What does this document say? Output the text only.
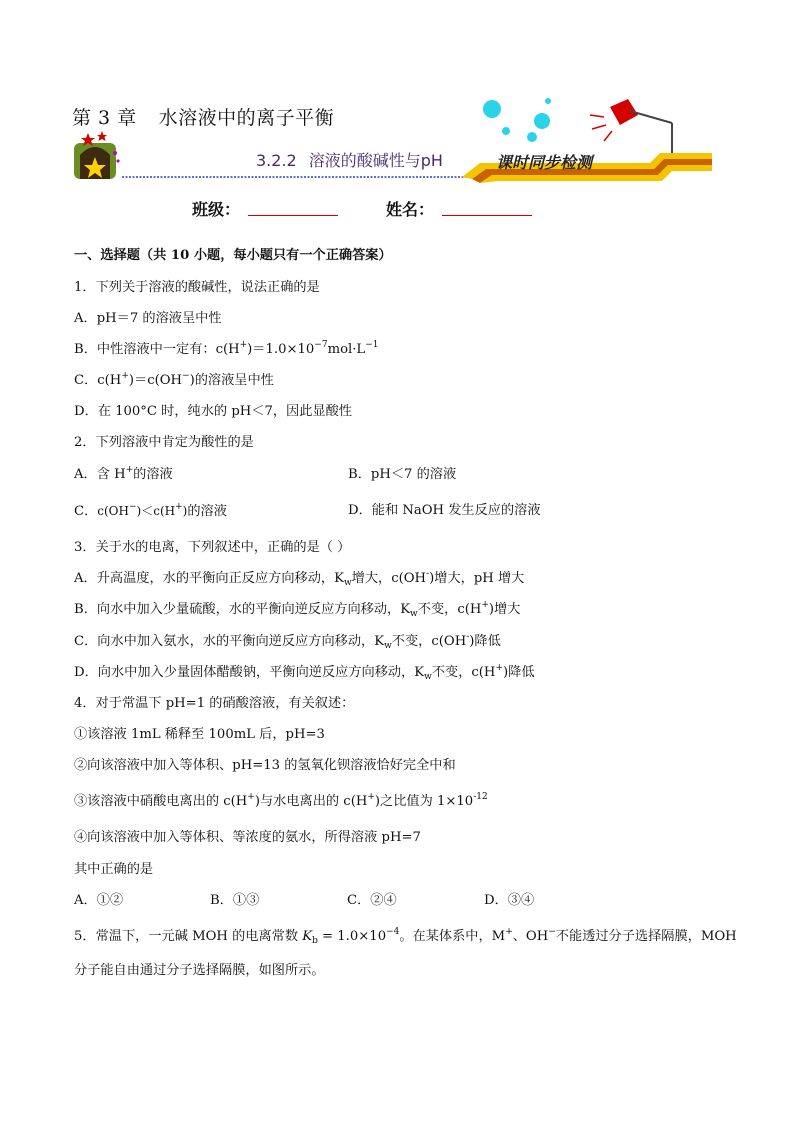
第 3 章 水溶液中的离子平衡
3.2.2 溶液的酸碱性与pH	课时同步检测
班级：	姓名：
一、选择题（共 10 小题，每小题只有一个正确答案）
1．下列关于溶液的酸碱性，说法正确的是
A．pH＝7 的溶液呈中性
B．中性溶液中一定有：$c(H^+)=1.0\times 10^{-7}mol\cdot L^{-1}$
C．c(H+)＝c(OH−)的溶液呈中性
D．在 100°C 时，纯水的 pH＜7，因此显酸性
2．下列溶液中肯定为酸性的是
A．含 H+的溶液	B．pH＜7 的溶液
C．c(OH−)＜c(H+)的溶液	D．能和 NaOH 发生反应的溶液
3．关于水的电离，下列叙述中，正确的是（ ）
A．升高温度，水的平衡向正反应方向移动，$K_w$增大，c(OH-)增大，pH 增大
B．向水中加入少量硫酸，水的平衡向逆反应方向移动，$K_w$不变，c(H+)增大
C．向水中加入氨水，水的平衡向逆反应方向移动，$K_w$不变，c(OH-)降低
D．向水中加入少量固体醋酸钠，平衡向逆反应方向移动，$K_w$不变，c(H+)降低
4．对于常温下 pH=1 的硝酸溶液，有关叙述：
①该溶液 1mL 稀释至 100mL 后，pH=3
②向该溶液中加入等体积、pH=13 的氢氧化钡溶液恰好完全中和
③该溶液中硝酸电离出的 c(H+)与水电离出的 c(H+)之比值为 $1\times 10^{-12}$
④向该溶液中加入等体积、等浓度的氨水，所得溶液 pH=7
其中正确的是
A．①②	B．①③	C．②④	D．③④
5．常温下，一元碱 MOH 的电离常数 $K_b = 1.0\times 10^{-4}$。在某体系中，M+、OH−不能透过分子选择隔膜，MOH
分子能自由通过分子选择隔膜，如图所示。
